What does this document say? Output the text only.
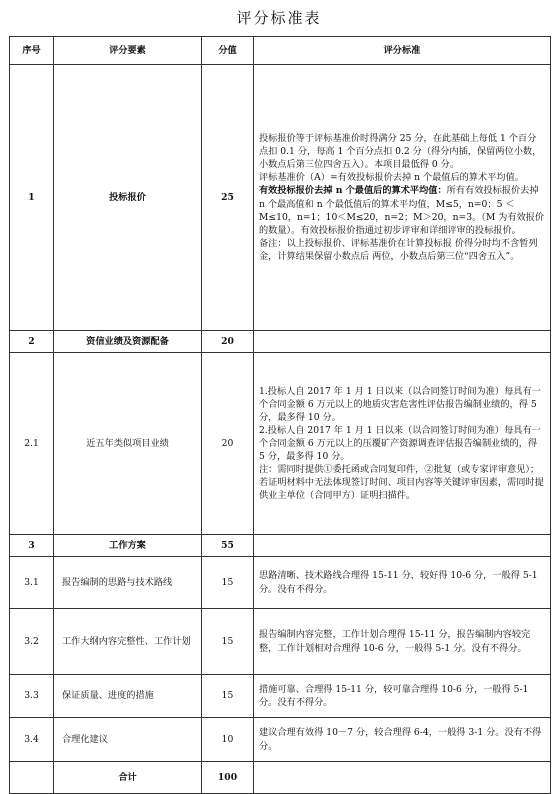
评分标准表
序号	评分要素	分值	评分标准
1	投标报价	25	投标报价等于评标基准价时得满分 25 分，在此基础上每低 1 个百分点扣 0.1 分，每高 1 个百分点扣 0.2 分（得分内插，保留两位小数，小数点后第三位四舍五入）。本项目最低得 0 分。

评标基准价（A）=有效投标报价去掉 n 个最值后的算术平均值。

有效投标报价去掉 n 个最值后的算术平均值：所有有效投标报价去掉 n 个最高值和 n 个最低值后的算术平均值，M≤5，n=0；5 ＜M≤10，n=1；10＜M≤20，n=2；M＞20，n=3。（M 为有效报价的数量）。有效投标报价指通过初步评审和详细评审的投标报价。

备注：以上投标报价、评标基准价在计算投标报 价得分时均不含暂列金，计算结果保留小数点后 两位，小数点后第三位“四舍五入”。

2	资信业绩及资源配备	20	
2.1	近五年类似项目业绩	20	1.投标人自 2017 年 1 月 1 日以来（以合同签订时间为准）每具有一个合同金额 6 万元以上的地质灾害危害性评估报告编制业绩的，得 5 分，最多得 10 分。

2.投标人自 2017 年 1 月 1 日以来（以合同签订时间为准）每具有一个合同金额 6 万元以上的压覆矿产资源调查评估报告编制业绩的，得 5 分，最多得 10 分。

注：需同时提供①委托函或合同复印件，②批复（或专家评审意见）；若证明材料中无法体现签订时间、项目内容等关键评审因素，需同时提供业主单位（合同甲方）证明扫描件。

3	工作方案	55	
3.1	报告编制的思路与技术路线	15	思路清晰、技术路线合理得 15-11 分，较好得 10-6 分，一般得 5-1 分。没有不得分。
3.2	工作大纲内容完整性、工作计划	15	报告编制内容完整，工作计划合理得 15-11 分，报告编制内容较完整，工作计划相对合理得 10-6 分，一般得 5-1 分。没有不得分。
3.3	保证质量、进度的措施	15	措施可靠、合理得 15-11 分，较可靠合理得 10-6 分，一般得 5-1 分。没有不得分。
3.4	合理化建议	10	建议合理有效得 10－7 分，较合理得 6-4，一般得 3-1 分。没有不得分。
	合计	100	
